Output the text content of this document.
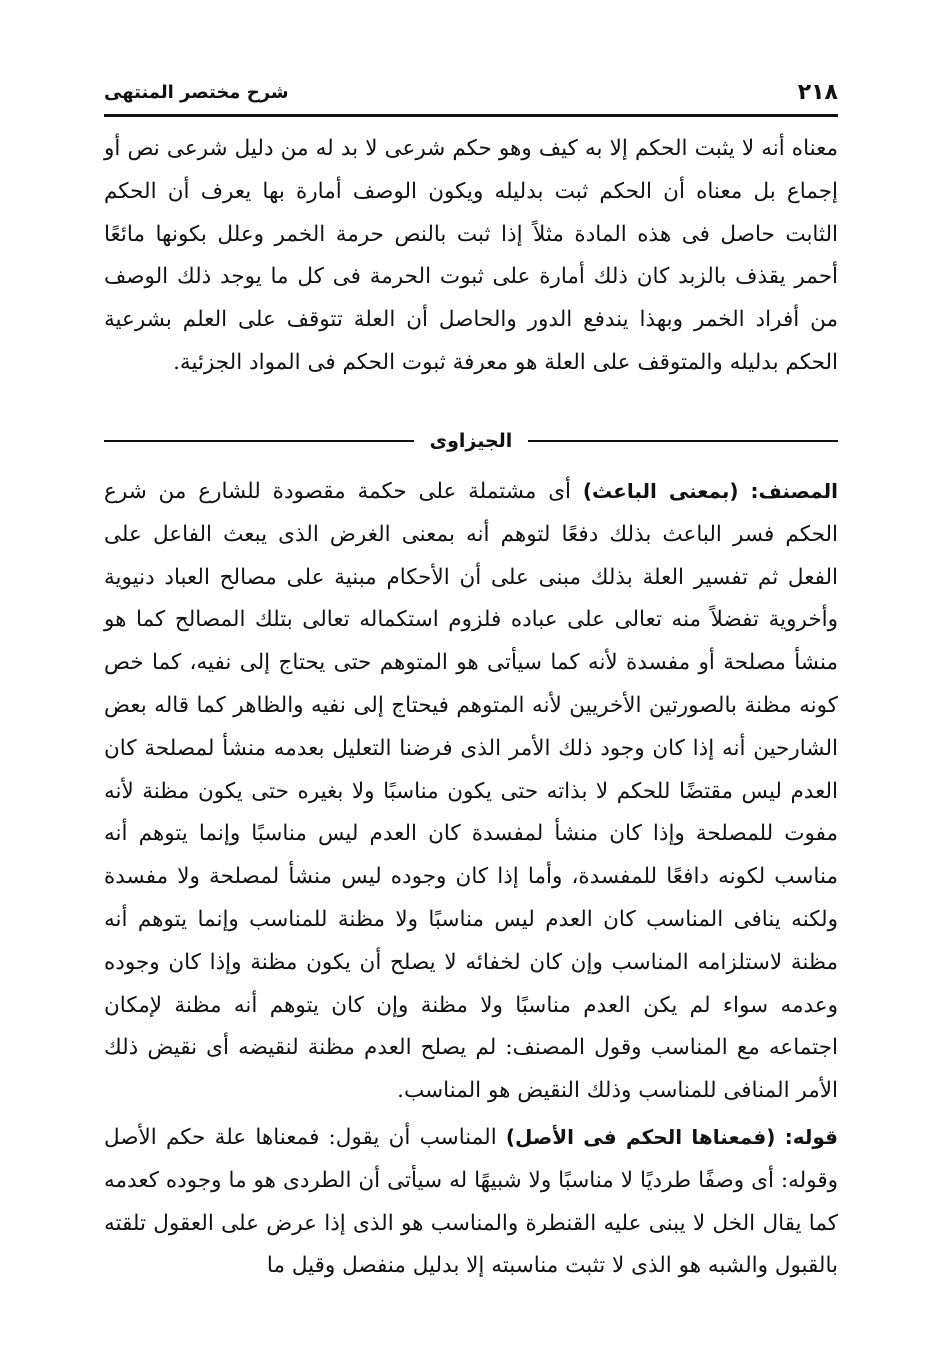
٢١٨
شرح مختصر المنتهى

معناه أنه لا يثبت الحكم إلا به كيف وهو حكم شرعى لا بد له من دليل شرعى نص أو إجماع بل معناه أن الحكم ثبت بدليله ويكون الوصف أمارة بها يعرف أن الحكم الثابت حاصل فى هذه المادة مثلاً إذا ثبت بالنص حرمة الخمر وعلل بكونها مائعًا أحمر يقذف بالزبد كان ذلك أمارة على ثبوت الحرمة فى كل ما يوجد ذلك الوصف من أفراد الخمر وبهذا يندفع الدور والحاصل أن العلة تتوقف على العلم بشرعية الحكم بدليله والمتوقف على العلة هو معرفة ثبوت الحكم فى المواد الجزئية.

الجيزاوى

المصنف: (بمعنى الباعث) أى مشتملة على حكمة مقصودة للشارع من شرع الحكم فسر الباعث بذلك دفعًا لتوهم أنه بمعنى الغرض الذى يبعث الفاعل على الفعل ثم تفسير العلة بذلك مبنى على أن الأحكام مبنية على مصالح العباد دنيوية وأخروية تفضلاً منه تعالى على عباده فلزوم استكماله تعالى بتلك المصالح كما هو منشأ مصلحة أو مفسدة لأنه كما سيأتى هو المتوهم حتى يحتاج إلى نفيه، كما خص كونه مظنة بالصورتين الأخريين لأنه المتوهم فيحتاج إلى نفيه والظاهر كما قاله بعض الشارحين أنه إذا كان وجود ذلك الأمر الذى فرضنا التعليل بعدمه منشأ لمصلحة كان العدم ليس مقتضًا للحكم لا بذاته حتى يكون مناسبًا ولا بغيره حتى يكون مظنة لأنه مفوت للمصلحة وإذا كان منشأ لمفسدة كان العدم ليس مناسبًا وإنما يتوهم أنه مناسب لكونه دافعًا للمفسدة، وأما إذا كان وجوده ليس منشأ لمصلحة ولا مفسدة ولكنه ينافى المناسب كان العدم ليس مناسبًا ولا مظنة للمناسب وإنما يتوهم أنه مظنة لاستلزامه المناسب وإن كان لخفائه لا يصلح أن يكون مظنة وإذا كان وجوده وعدمه سواء لم يكن العدم مناسبًا ولا مظنة وإن كان يتوهم أنه مظنة لإمكان اجتماعه مع المناسب وقول المصنف: لم يصلح العدم مظنة لنقيضه أى نقيض ذلك الأمر المنافى للمناسب وذلك النقيض هو المناسب.

قوله: (فمعناها الحكم فى الأصل) المناسب أن يقول: فمعناها علة حكم الأصل وقوله: أى وصفًا طرديًا لا مناسبًا ولا شبيهًا له سيأتى أن الطردى هو ما وجوده كعدمه كما يقال الخل لا يبنى عليه القنطرة والمناسب هو الذى إذا عرض على العقول تلقته بالقبول والشبه هو الذى لا تثبت مناسبته إلا بدليل منفصل وقيل ما
